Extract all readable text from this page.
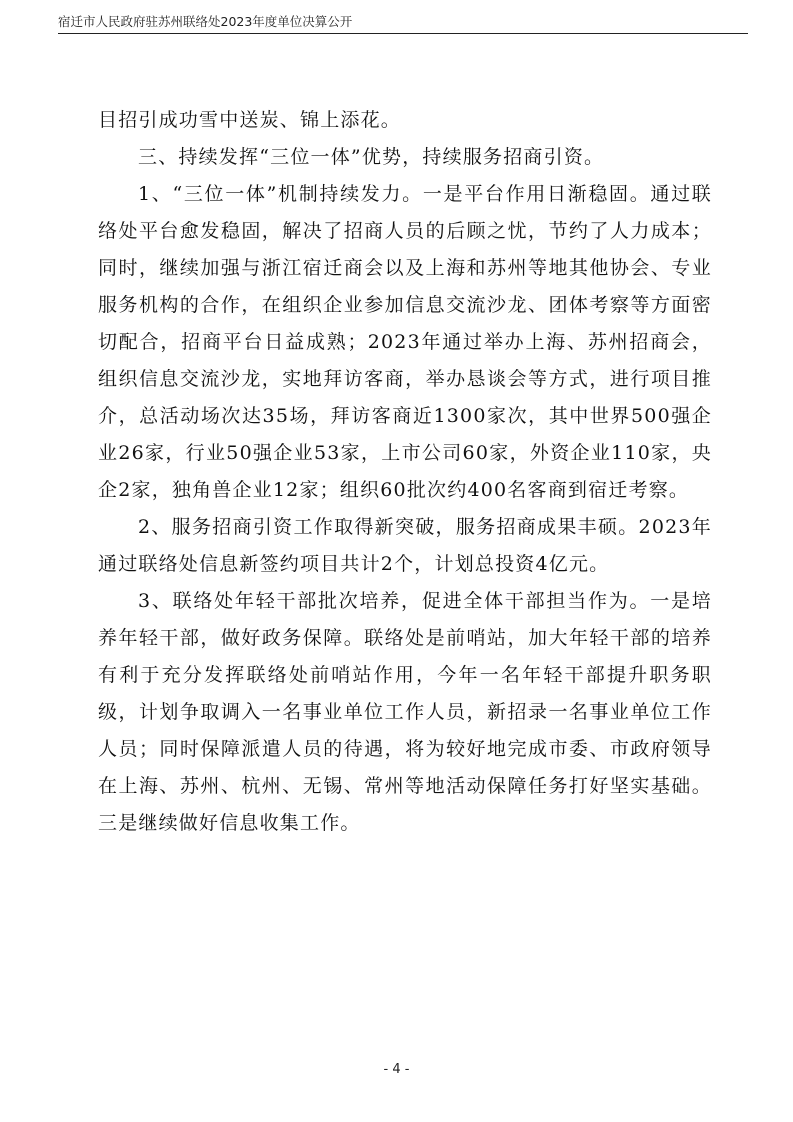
宿迁市人民政府驻苏州联络处2023年度单位决算公开

目招引成功雪中送炭、锦上添花。

三、持续发挥“三位一体”优势，持续服务招商引资。

1、“三位一体”机制持续发力。一是平台作用日渐稳固。通过联络处平台愈发稳固，解决了招商人员的后顾之忧，节约了人力成本；同时，继续加强与浙江宿迁商会以及上海和苏州等地其他协会、专业服务机构的合作，在组织企业参加信息交流沙龙、团体考察等方面密切配合，招商平台日益成熟；2023年通过举办上海、苏州招商会，组织信息交流沙龙，实地拜访客商，举办恳谈会等方式，进行项目推介，总活动场次达35场，拜访客商近1300家次，其中世界500强企业26家，行业50强企业53家，上市公司60家，外资企业110家，央企2家，独角兽企业12家；组织60批次约400名客商到宿迁考察。

2、服务招商引资工作取得新突破，服务招商成果丰硕。2023年通过联络处信息新签约项目共计2个，计划总投资4亿元。

3、联络处年轻干部批次培养，促进全体干部担当作为。一是培养年轻干部，做好政务保障。联络处是前哨站，加大年轻干部的培养有利于充分发挥联络处前哨站作用，今年一名年轻干部提升职务职级，计划争取调入一名事业单位工作人员，新招录一名事业单位工作人员；同时保障派遣人员的待遇，将为较好地完成市委、市政府领导在上海、苏州、杭州、无锡、常州等地活动保障任务打好坚实基础。三是继续做好信息收集工作。

- 4 -
